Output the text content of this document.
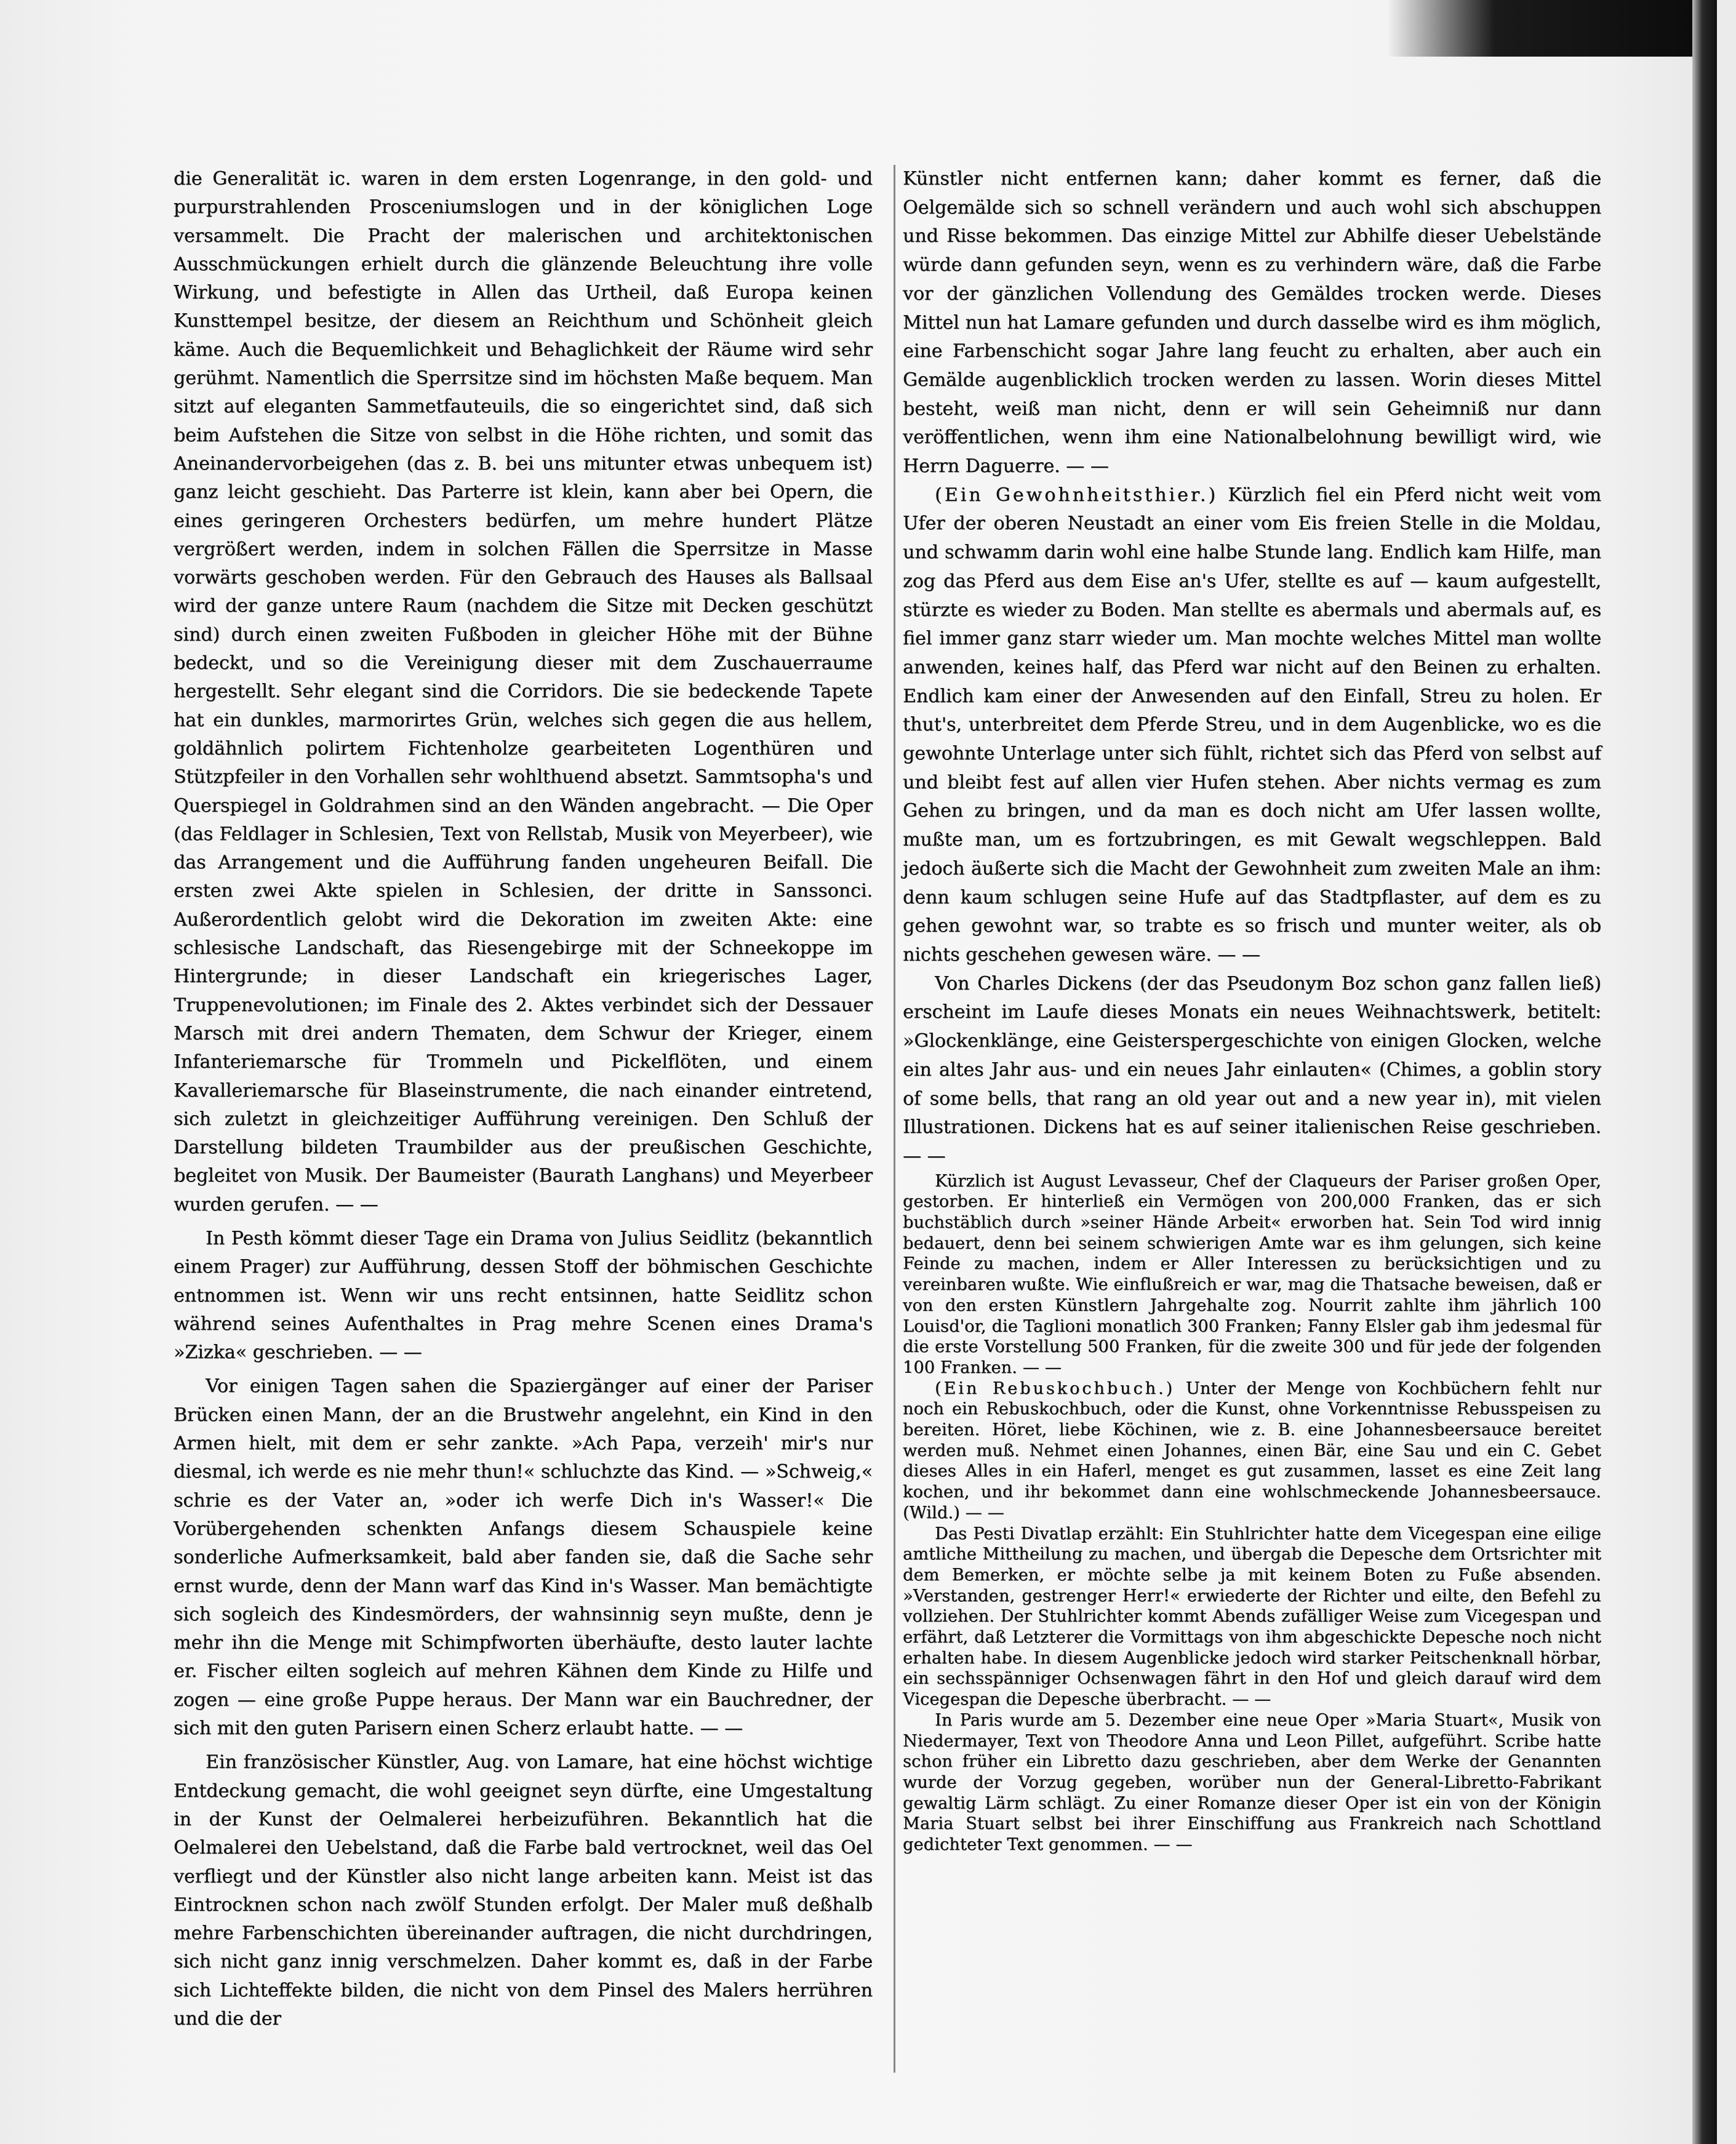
die Generalität ic. waren in dem ersten Logenrange, in den gold- und purpurstrahlenden Prosceniumslogen und in der königlichen Loge versammelt. Die Pracht der malerischen und architektonischen Ausschmückungen erhielt durch die glänzende Beleuchtung ihre volle Wirkung, und befestigte in Allen das Urtheil, daß Europa keinen Kunsttempel besitze, der diesem an Reichthum und Schönheit gleich käme. Auch die Bequemlichkeit und Behaglichkeit der Räume wird sehr gerühmt. Namentlich die Sperrsitze sind im höchsten Maße bequem. Man sitzt auf eleganten Sammetfauteuils, die so eingerichtet sind, daß sich beim Aufstehen die Sitze von selbst in die Höhe richten, und somit das Aneinandervorbeigehen (das z. B. bei uns mitunter etwas unbequem ist) ganz leicht geschieht. Das Parterre ist klein, kann aber bei Opern, die eines geringeren Orchesters bedürfen, um mehre hundert Plätze vergrößert werden, indem in solchen Fällen die Sperrsitze in Masse vorwärts geschoben werden. Für den Gebrauch des Hauses als Ballsaal wird der ganze untere Raum (nachdem die Sitze mit Decken geschützt sind) durch einen zweiten Fußboden in gleicher Höhe mit der Bühne bedeckt, und so die Vereinigung dieser mit dem Zuschauerraume hergestellt. Sehr elegant sind die Corridors. Die sie bedeckende Tapete hat ein dunkles, marmorirtes Grün, welches sich gegen die aus hellem, goldähnlich polirtem Fichtenholze gearbeiteten Logenthüren und Stützpfeiler in den Vorhallen sehr wohlthuend absetzt. Sammtsopha's und Querspiegel in Goldrahmen sind an den Wänden angebracht. — Die Oper (das Feldlager in Schlesien, Text von Rellstab, Musik von Meyerbeer), wie das Arrangement und die Aufführung fanden ungeheuren Beifall. Die ersten zwei Akte spielen in Schlesien, der dritte in Sanssonci. Außerordentlich gelobt wird die Dekoration im zweiten Akte: eine schlesische Landschaft, das Riesengebirge mit der Schneekoppe im Hintergrunde; in dieser Landschaft ein kriegerisches Lager, Truppenevolutionen; im Finale des 2. Aktes verbindet sich der Dessauer Marsch mit drei andern Thematen, dem Schwur der Krieger, einem Infanteriemarsche für Trommeln und Pickelflöten, und einem Kavalleriemarsche für Blaseinstrumente, die nach einander eintretend, sich zuletzt in gleichzeitiger Aufführung vereinigen. Den Schluß der Darstellung bildeten Traumbilder aus der preußischen Geschichte, begleitet von Musik. Der Baumeister (Baurath Langhans) und Meyerbeer wurden gerufen. — —

In Pesth kömmt dieser Tage ein Drama von Julius Seidlitz (bekanntlich einem Prager) zur Aufführung, dessen Stoff der böhmischen Geschichte entnommen ist. Wenn wir uns recht entsinnen, hatte Seidlitz schon während seines Aufenthaltes in Prag mehre Scenen eines Drama's »Zizka« geschrieben. — —

Vor einigen Tagen sahen die Spaziergänger auf einer der Pariser Brücken einen Mann, der an die Brustwehr angelehnt, ein Kind in den Armen hielt, mit dem er sehr zankte. »Ach Papa, verzeih' mir's nur diesmal, ich werde es nie mehr thun!« schluchzte das Kind. — »Schweig,« schrie es der Vater an, »oder ich werfe Dich in's Wasser!« Die Vorübergehenden schenkten Anfangs diesem Schauspiele keine sonderliche Aufmerksamkeit, bald aber fanden sie, daß die Sache sehr ernst wurde, denn der Mann warf das Kind in's Wasser. Man bemächtigte sich sogleich des Kindesmörders, der wahnsinnig seyn mußte, denn je mehr ihn die Menge mit Schimpfworten überhäufte, desto lauter lachte er. Fischer eilten sogleich auf mehren Kähnen dem Kinde zu Hilfe und zogen — eine große Puppe heraus. Der Mann war ein Bauchredner, der sich mit den guten Parisern einen Scherz erlaubt hatte. — —

Ein französischer Künstler, Aug. von Lamare, hat eine höchst wichtige Entdeckung gemacht, die wohl geeignet seyn dürfte, eine Umgestaltung in der Kunst der Oelmalerei herbeizuführen. Bekanntlich hat die Oelmalerei den Uebelstand, daß die Farbe bald vertrocknet, weil das Oel verfliegt und der Künstler also nicht lange arbeiten kann. Meist ist das Eintrocknen schon nach zwölf Stunden erfolgt. Der Maler muß deßhalb mehre Farbenschichten übereinander auftragen, die nicht durchdringen, sich nicht ganz innig verschmelzen. Daher kommt es, daß in der Farbe sich Lichteffekte bilden, die nicht von dem Pinsel des Malers herrühren und die der

Künstler nicht entfernen kann; daher kommt es ferner, daß die Oelgemälde sich so schnell verändern und auch wohl sich abschuppen und Risse bekommen. Das einzige Mittel zur Abhilfe dieser Uebelstände würde dann gefunden seyn, wenn es zu verhindern wäre, daß die Farbe vor der gänzlichen Vollendung des Gemäldes trocken werde. Dieses Mittel nun hat Lamare gefunden und durch dasselbe wird es ihm möglich, eine Farbenschicht sogar Jahre lang feucht zu erhalten, aber auch ein Gemälde augenblicklich trocken werden zu lassen. Worin dieses Mittel besteht, weiß man nicht, denn er will sein Geheimniß nur dann veröffentlichen, wenn ihm eine Nationalbelohnung bewilligt wird, wie Herrn Daguerre. — —

(Ein Gewohnheitsthier.) Kürzlich fiel ein Pferd nicht weit vom Ufer der oberen Neustadt an einer vom Eis freien Stelle in die Moldau, und schwamm darin wohl eine halbe Stunde lang. Endlich kam Hilfe, man zog das Pferd aus dem Eise an's Ufer, stellte es auf — kaum aufgestellt, stürzte es wieder zu Boden. Man stellte es abermals und abermals auf, es fiel immer ganz starr wieder um. Man mochte welches Mittel man wollte anwenden, keines half, das Pferd war nicht auf den Beinen zu erhalten. Endlich kam einer der Anwesenden auf den Einfall, Streu zu holen. Er thut's, unterbreitet dem Pferde Streu, und in dem Augenblicke, wo es die gewohnte Unterlage unter sich fühlt, richtet sich das Pferd von selbst auf und bleibt fest auf allen vier Hufen stehen. Aber nichts vermag es zum Gehen zu bringen, und da man es doch nicht am Ufer lassen wollte, mußte man, um es fortzubringen, es mit Gewalt wegschleppen. Bald jedoch äußerte sich die Macht der Gewohnheit zum zweiten Male an ihm: denn kaum schlugen seine Hufe auf das Stadtpflaster, auf dem es zu gehen gewohnt war, so trabte es so frisch und munter weiter, als ob nichts geschehen gewesen wäre. — —

Von Charles Dickens (der das Pseudonym Boz schon ganz fallen ließ) erscheint im Laufe dieses Monats ein neues Weihnachtswerk, betitelt: »Glockenklänge, eine Geisterspergeschichte von einigen Glocken, welche ein altes Jahr aus- und ein neues Jahr einlauten« (Chimes, a goblin story of some bells, that rang an old year out and a new year in), mit vielen Illustrationen. Dickens hat es auf seiner italienischen Reise geschrieben. — —

Kürzlich ist August Levasseur, Chef der Claqueurs der Pariser großen Oper, gestorben. Er hinterließ ein Vermögen von 200,000 Franken, das er sich buchstäblich durch »seiner Hände Arbeit« erworben hat. Sein Tod wird innig bedauert, denn bei seinem schwierigen Amte war es ihm gelungen, sich keine Feinde zu machen, indem er Aller Interessen zu berücksichtigen und zu vereinbaren wußte. Wie einflußreich er war, mag die Thatsache beweisen, daß er von den ersten Künstlern Jahrgehalte zog. Nourrit zahlte ihm jährlich 100 Louisd'or, die Taglioni monatlich 300 Franken; Fanny Elsler gab ihm jedesmal für die erste Vorstellung 500 Franken, für die zweite 300 und für jede der folgenden 100 Franken. — —

(Ein Rebuskochbuch.) Unter der Menge von Kochbüchern fehlt nur noch ein Rebuskochbuch, oder die Kunst, ohne Vorkenntnisse Rebusspeisen zu bereiten. Höret, liebe Köchinen, wie z. B. eine Johannesbeersauce bereitet werden muß. Nehmet einen Johannes, einen Bär, eine Sau und ein C. Gebet dieses Alles in ein Haferl, menget es gut zusammen, lasset es eine Zeit lang kochen, und ihr bekommet dann eine wohlschmeckende Johannesbeersauce. (Wild.) — —

Das Pesti Divatlap erzählt: Ein Stuhlrichter hatte dem Vicegespan eine eilige amtliche Mittheilung zu machen, und übergab die Depesche dem Ortsrichter mit dem Bemerken, er möchte selbe ja mit keinem Boten zu Fuße absenden. »Verstanden, gestrenger Herr!« erwiederte der Richter und eilte, den Befehl zu vollziehen. Der Stuhlrichter kommt Abends zufälliger Weise zum Vicegespan und erfährt, daß Letzterer die Vormittags von ihm abgeschickte Depesche noch nicht erhalten habe. In diesem Augenblicke jedoch wird starker Peitschenknall hörbar, ein sechsspänniger Ochsenwagen fährt in den Hof und gleich darauf wird dem Vicegespan die Depesche überbracht. — —

In Paris wurde am 5. Dezember eine neue Oper »Maria Stuart«, Musik von Niedermayer, Text von Theodore Anna und Leon Pillet, aufgeführt. Scribe hatte schon früher ein Libretto dazu geschrieben, aber dem Werke der Genannten wurde der Vorzug gegeben, worüber nun der General-Libretto-Fabrikant gewaltig Lärm schlägt. Zu einer Romanze dieser Oper ist ein von der Königin Maria Stuart selbst bei ihrer Einschiffung aus Frankreich nach Schottland gedichteter Text genommen. — —
